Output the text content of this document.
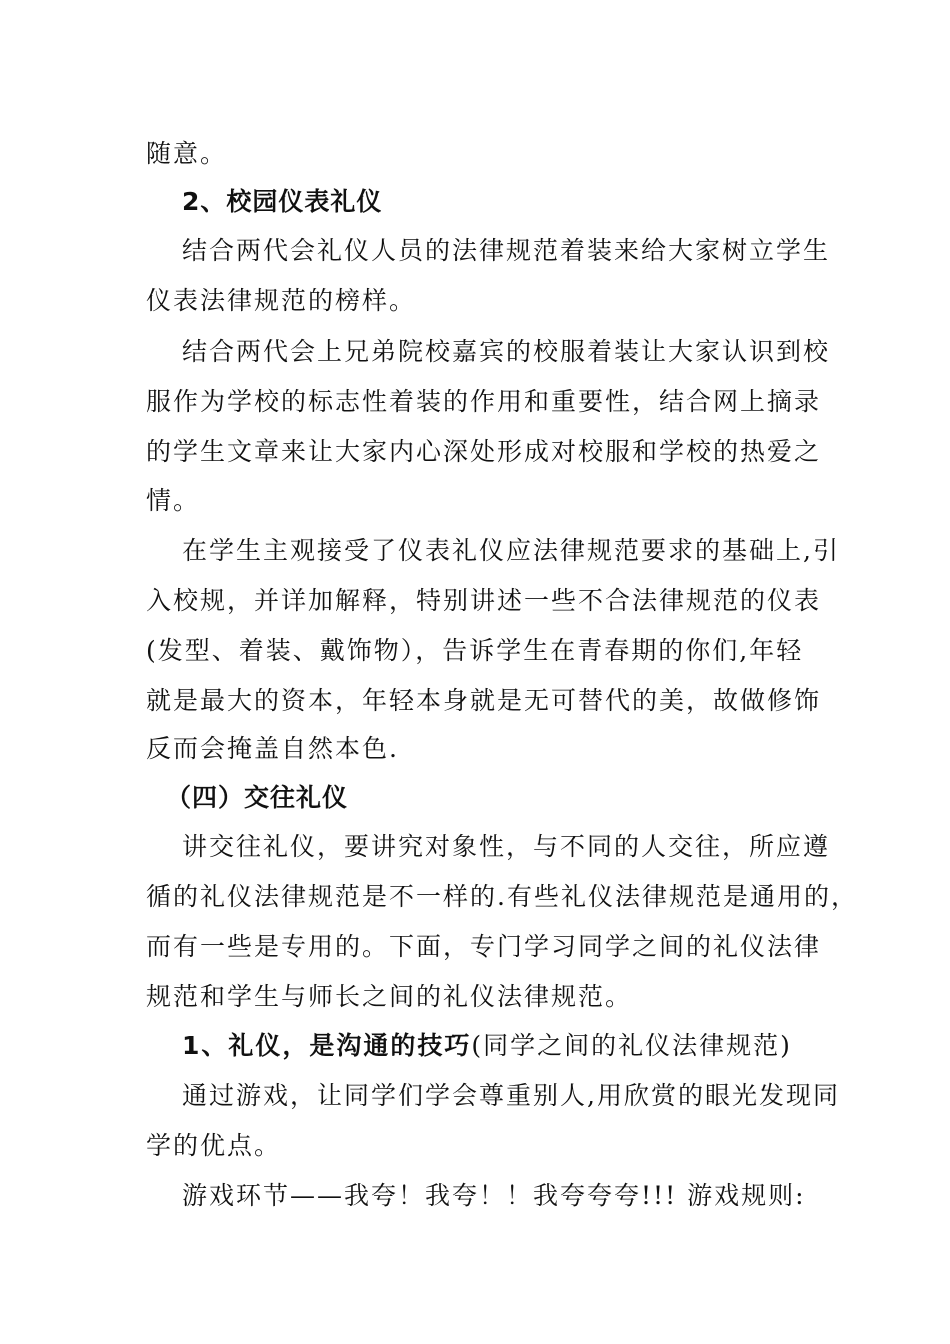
随意。
2、校园仪表礼仪
结合两代会礼仪人员的法律规范着装来给大家树立学生
仪表法律规范的榜样。
结合两代会上兄弟院校嘉宾的校服着装让大家认识到校
服作为学校的标志性着装的作用和重要性，结合网上摘录
的学生文章来让大家内心深处形成对校服和学校的热爱之
情。
在学生主观接受了仪表礼仪应法律规范要求的基础上,引
入校规，并详加解释，特别讲述一些不合法律规范的仪表
(发型、着装、戴饰物），告诉学生在青春期的你们,年轻
就是最大的资本，年轻本身就是无可替代的美，故做修饰
反而会掩盖自然本色.
（四）交往礼仪
讲交往礼仪，要讲究对象性，与不同的人交往，所应遵
循的礼仪法律规范是不一样的.有些礼仪法律规范是通用的，
而有一些是专用的。下面，专门学习同学之间的礼仪法律
规范和学生与师长之间的礼仪法律规范。
1、礼仪，是沟通的技巧(同学之间的礼仪法律规范)
通过游戏，让同学们学会尊重别人,用欣赏的眼光发现同
学的优点。
游戏环节——我夸！我夸！！我夸夸夸!!! 游戏规则:
